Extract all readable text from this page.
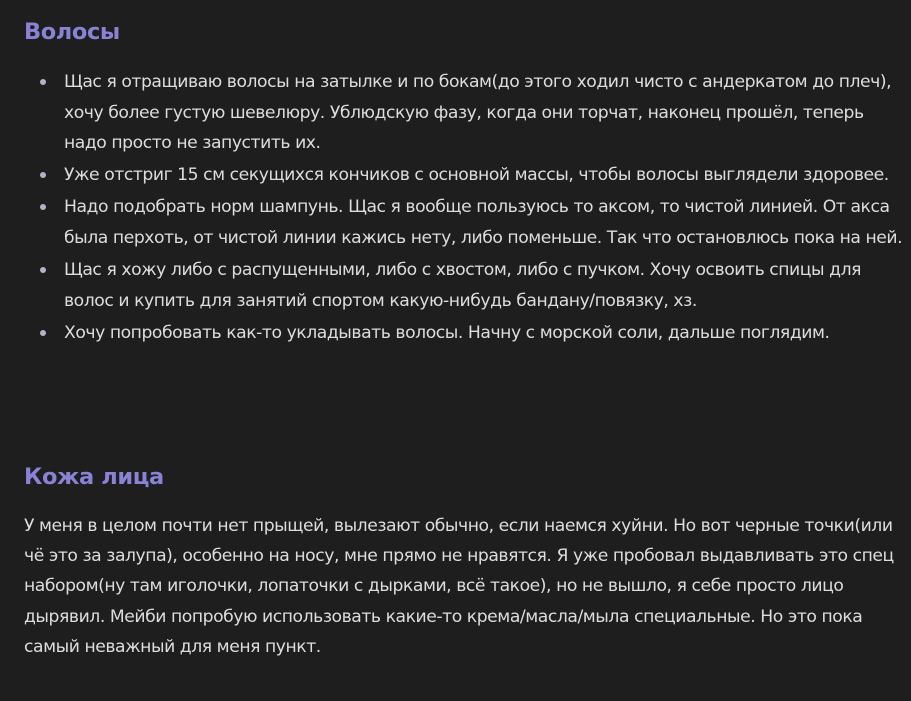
Волосы
Щас я отращиваю волосы на затылке и по бокам(до этого ходил чисто с андеркатом до плеч), хочу более густую шевелюру. Ублюдскую фазу, когда они торчат, наконец прошёл, теперь надо просто не запустить их.
Уже отстриг 15 см секущихся кончиков с основной массы, чтобы волосы выглядели здоровее.
Надо подобрать норм шампунь. Щас я вообще пользуюсь то аксом, то чистой линией. От акса была перхоть, от чистой линии кажись нету, либо поменьше. Так что остановлюсь пока на ней.
Щас я хожу либо с распущенными, либо с хвостом, либо с пучком. Хочу освоить спицы для волос и купить для занятий спортом какую-нибудь бандану/повязку, хз.
Хочу попробовать как-то укладывать волосы. Начну с морской соли, дальше поглядим.
Кожа лица

У меня в целом почти нет прыщей, вылезают обычно, если наемся хуйни. Но вот черные точки(или чё это за залупа), особенно на носу, мне прямо не нравятся. Я уже пробовал выдавливать это спец набором(ну там иголочки, лопаточки с дырками, всё такое), но не вышло, я себе просто лицо дырявил. Мейби попробую использовать какие-то крема/масла/мыла специальные. Но это пока самый неважный для меня пункт.
